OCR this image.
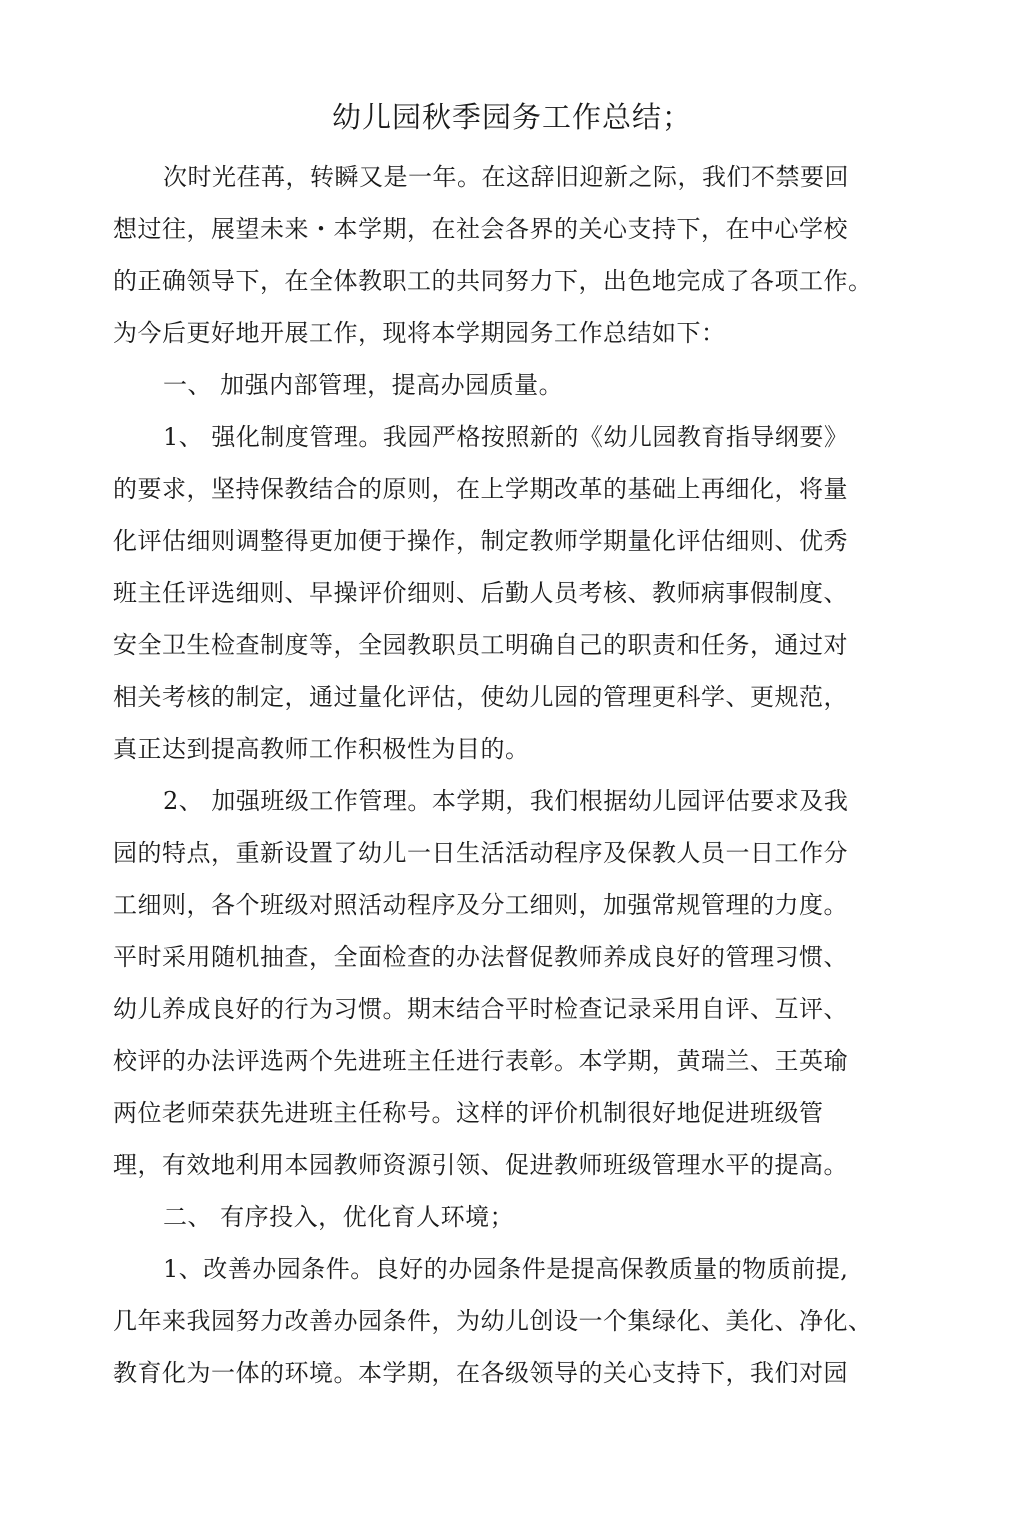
幼儿园秋季园务工作总结；
次时光荏苒，转瞬又是一年。在这辞旧迎新之际，我们不禁要回
想过往，展望未来・本学期，在社会各界的关心支持下，在中心学校
的正确领导下，在全体教职工的共同努力下，出色地完成了各项工作。
为今后更好地开展工作，现将本学期园务工作总结如下：
一、 加强内部管理，提高办园质量。
1、 强化制度管理。我园严格按照新的《幼儿园教育指导纲要》
的要求，坚持保教结合的原则，在上学期改革的基础上再细化，将量
化评估细则调整得更加便于操作，制定教师学期量化评估细则、优秀
班主任评选细则、早操评价细则、后勤人员考核、教师病事假制度、
安全卫生检查制度等，全园教职员工明确自己的职责和任务，通过对
相关考核的制定，通过量化评估，使幼儿园的管理更科学、更规范，
真正达到提高教师工作积极性为目的。
2、 加强班级工作管理。本学期，我们根据幼儿园评估要求及我
园的特点，重新设置了幼儿一日生活活动程序及保教人员一日工作分
工细则，各个班级对照活动程序及分工细则，加强常规管理的力度。
平时采用随机抽查，全面检查的办法督促教师养成良好的管理习惯、
幼儿养成良好的行为习惯。期末结合平时检查记录采用自评、互评、
校评的办法评选两个先进班主任进行表彰。本学期，黄瑞兰、王英瑜
两位老师荣获先进班主任称号。这样的评价机制很好地促进班级管
理，有效地利用本园教师资源引领、促进教师班级管理水平的提高。
二、 有序投入，优化育人环境；
1、改善办园条件。良好的办园条件是提高保教质量的物质前提,
几年来我园努力改善办园条件，为幼儿创设一个集绿化、美化、净化、
教育化为一体的环境。本学期，在各级领导的关心支持下，我们对园
